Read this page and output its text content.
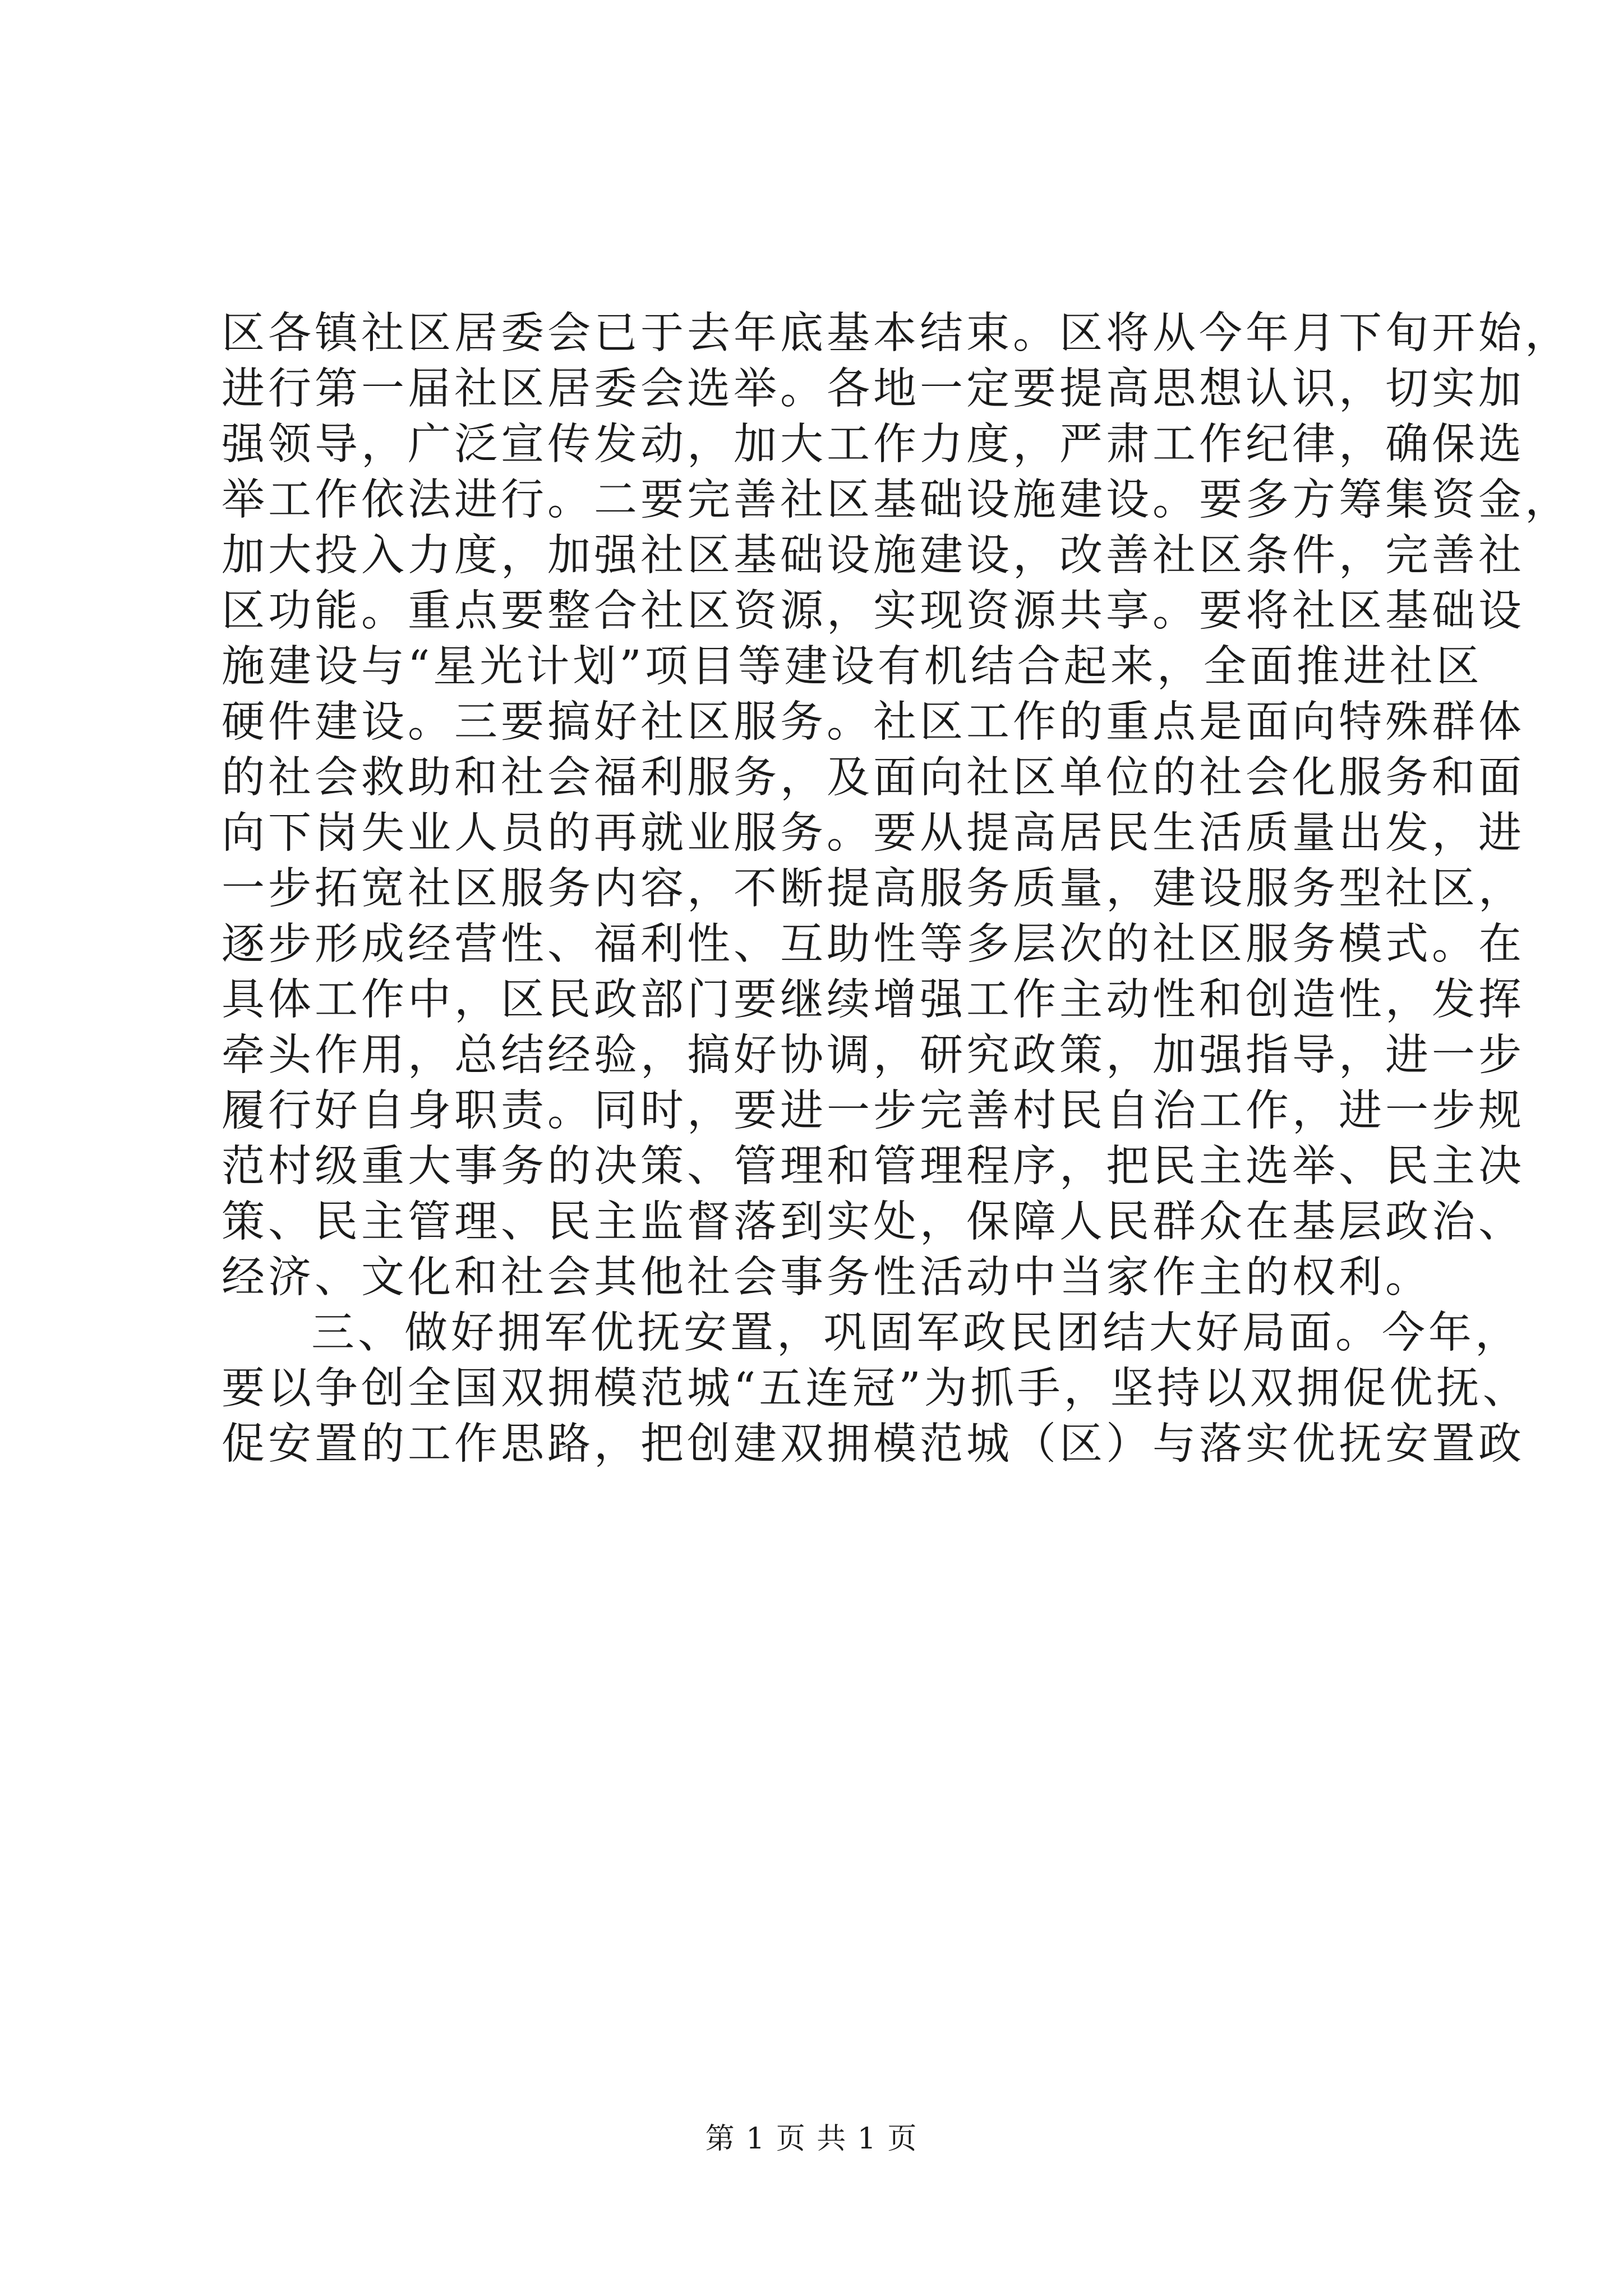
区各镇社区居委会已于去年底基本结束。区将从今年月下旬开始，
进行第一届社区居委会选举。各地一定要提高思想认识，切实加
强领导，广泛宣传发动，加大工作力度，严肃工作纪律，确保选
举工作依法进行。二要完善社区基础设施建设。要多方筹集资金，
加大投入力度，加强社区基础设施建设，改善社区条件，完善社
区功能。重点要整合社区资源，实现资源共享。要将社区基础设
施建设与“星光计划”项目等建设有机结合起来，全面推进社区
硬件建设。三要搞好社区服务。社区工作的重点是面向特殊群体
的社会救助和社会福利服务，及面向社区单位的社会化服务和面
向下岗失业人员的再就业服务。要从提高居民生活质量出发，进
一步拓宽社区服务内容，不断提高服务质量，建设服务型社区，
逐步形成经营性、福利性、互助性等多层次的社区服务模式。在
具体工作中，区民政部门要继续增强工作主动性和创造性，发挥
牵头作用，总结经验，搞好协调，研究政策，加强指导，进一步
履行好自身职责。同时，要进一步完善村民自治工作，进一步规
范村级重大事务的决策、管理和管理程序，把民主选举、民主决
策、民主管理、民主监督落到实处，保障人民群众在基层政治、
经济、文化和社会其他社会事务性活动中当家作主的权利。
三、做好拥军优抚安置，巩固军政民团结大好局面。今年，
要以争创全国双拥模范城“五连冠”为抓手，坚持以双拥促优抚、
促安置的工作思路，把创建双拥模范城（区）与落实优抚安置政
第 1 页 共 1 页
